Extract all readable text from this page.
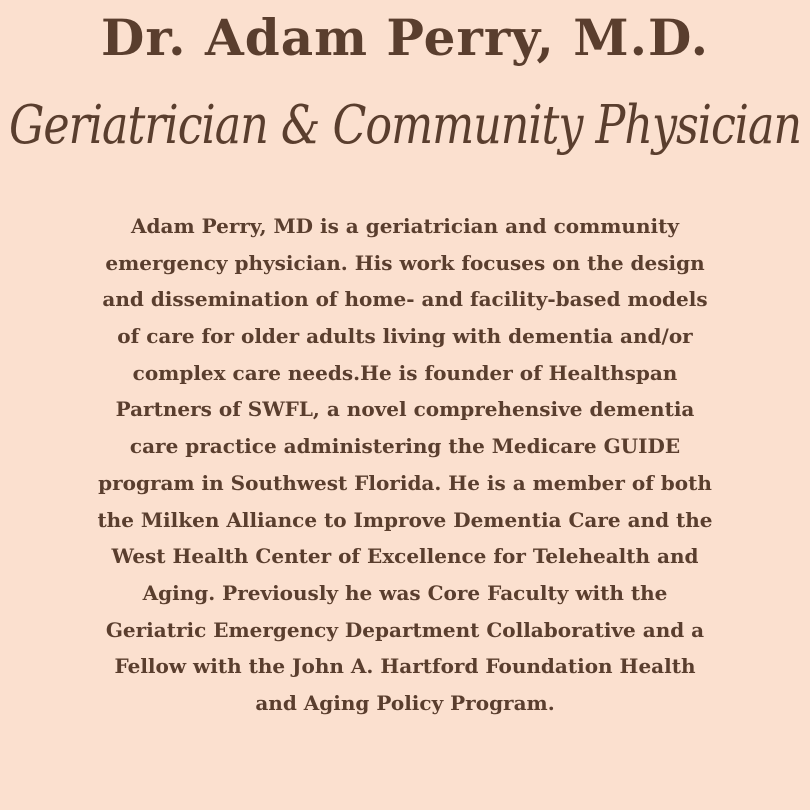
Dr. Adam Perry, M.D.
Geriatrician & Community Physician
Adam Perry, MD is a geriatrician and community
emergency physician. His work focuses on the design
and dissemination of home- and facility-based models
of care for older adults living with dementia and/or
complex care needs.He is founder of Healthspan
Partners of SWFL, a novel comprehensive dementia
care practice administering the Medicare GUIDE
program in Southwest Florida. He is a member of both
the Milken Alliance to Improve Dementia Care and the
West Health Center of Excellence for Telehealth and
Aging. Previously he was Core Faculty with the
Geriatric Emergency Department Collaborative and a
Fellow with the John A. Hartford Foundation Health
and Aging Policy Program.
